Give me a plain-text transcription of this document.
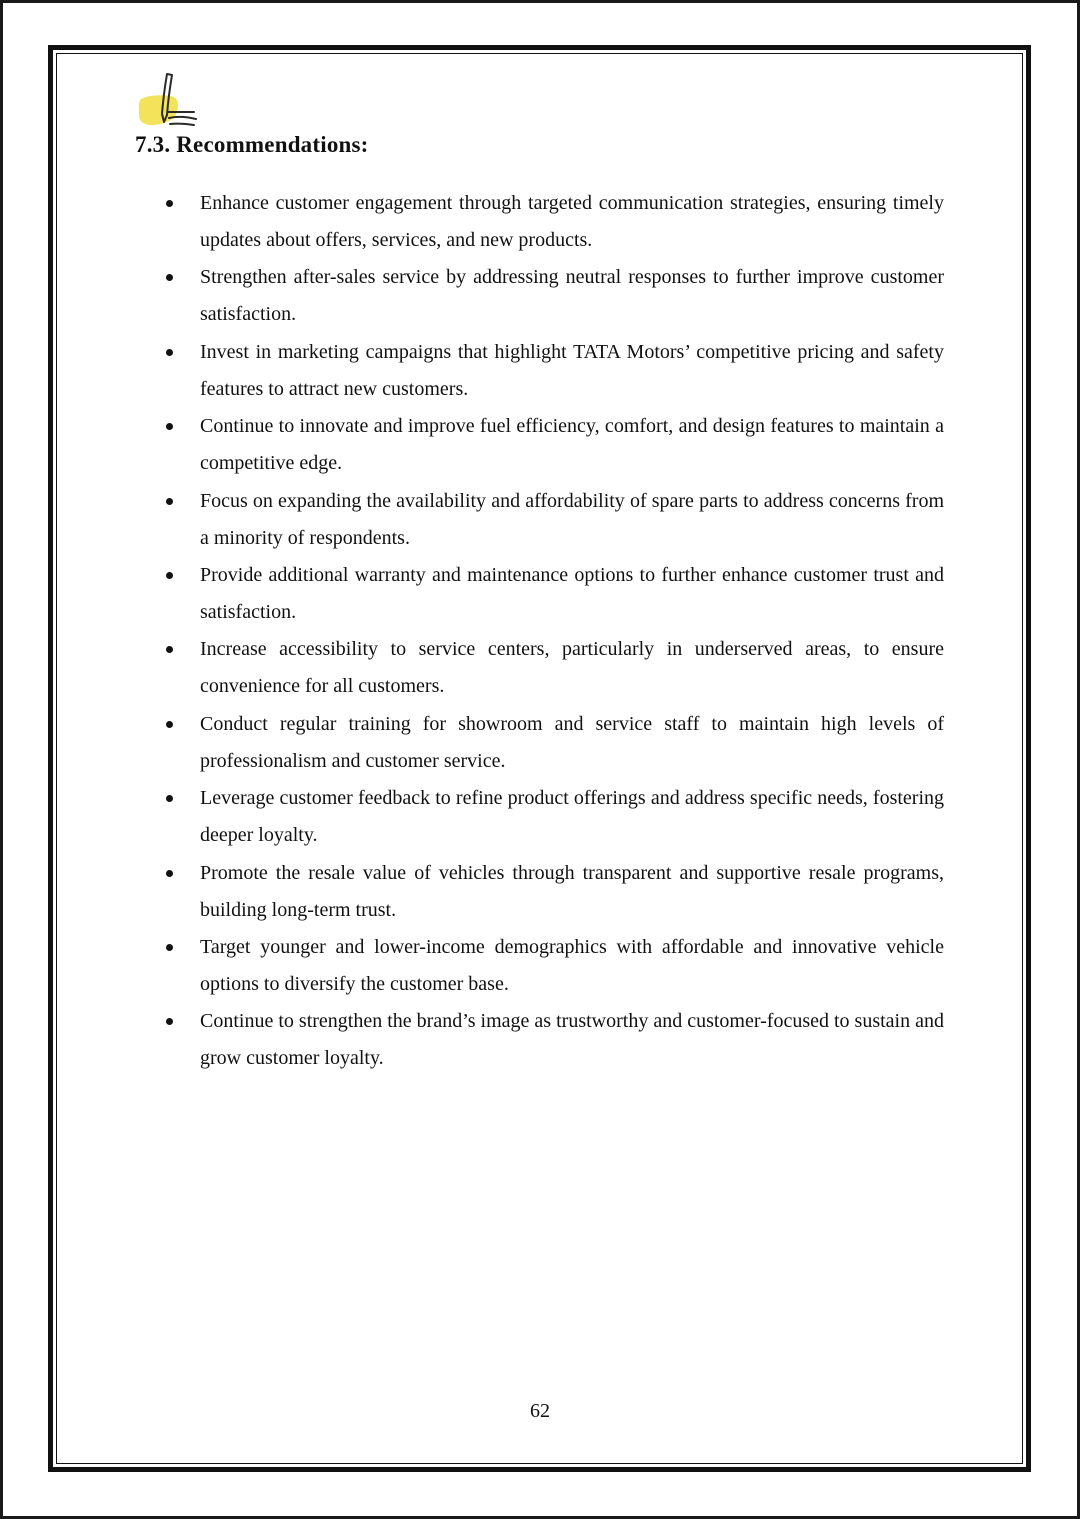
7.3. Recommendations:
Enhance customer engagement through targeted communication strategies, ensuring timely updates about offers, services, and new products.
Strengthen after-sales service by addressing neutral responses to further improve customer satisfaction.
Invest in marketing campaigns that highlight TATA Motors’ competitive pricing and safety features to attract new customers.
Continue to innovate and improve fuel efficiency, comfort, and design features to maintain a competitive edge.
Focus on expanding the availability and affordability of spare parts to address concerns from a minority of respondents.
Provide additional warranty and maintenance options to further enhance customer trust and satisfaction.
Increase accessibility to service centers, particularly in underserved areas, to ensure convenience for all customers.
Conduct regular training for showroom and service staff to maintain high levels of professionalism and customer service.
Leverage customer feedback to refine product offerings and address specific needs, fostering deeper loyalty.
Promote the resale value of vehicles through transparent and supportive resale programs, building long-term trust.
Target younger and lower-income demographics with affordable and innovative vehicle options to diversify the customer base.
Continue to strengthen the brand’s image as trustworthy and customer-focused to sustain and grow customer loyalty.
62
